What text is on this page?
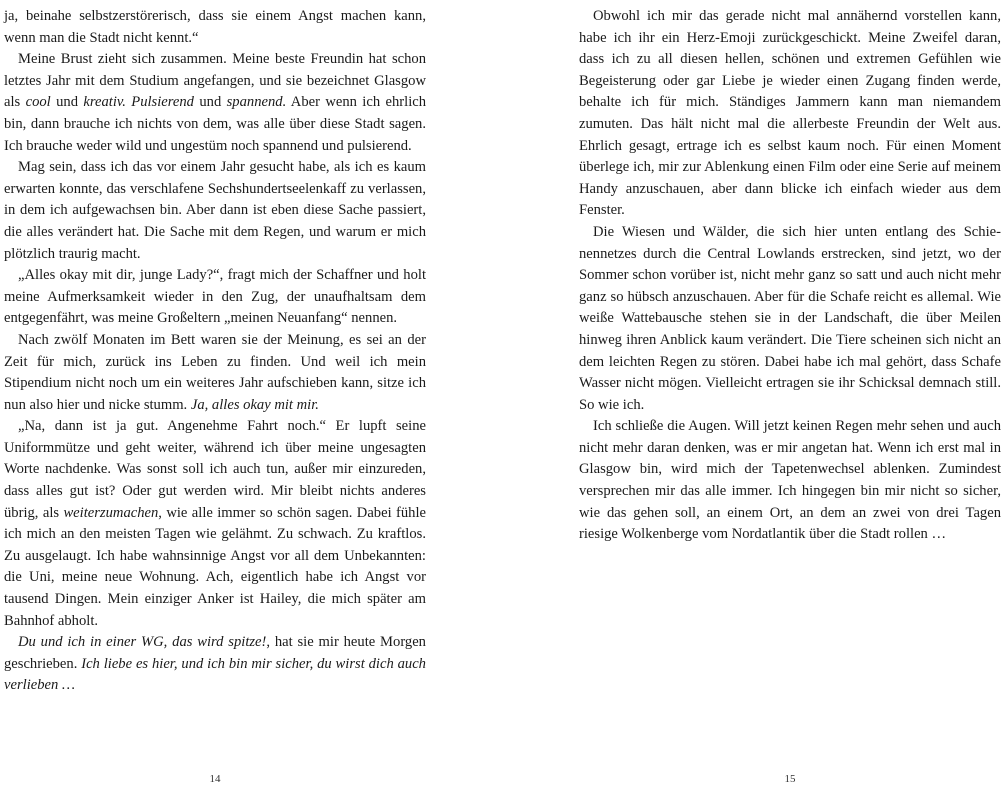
ja, beinahe selbstzerstörerisch, dass sie einem Angst machen kann, wenn man die Stadt nicht kennt.“

Meine Brust zieht sich zusammen. Meine beste Freundin hat schon letztes Jahr mit dem Studium angefangen, und sie bezeichnet Glasgow als cool und kreativ. Pulsierend und spannend. Aber wenn ich ehrlich bin, dann brauche ich nichts von dem, was alle über diese Stadt sagen. Ich brauche weder wild und ungestüm noch spannend und pulsierend.

Mag sein, dass ich das vor einem Jahr gesucht habe, als ich es kaum erwarten konnte, das verschlafene Sechshundertseelenkaff zu verlassen, in dem ich aufgewachsen bin. Aber dann ist eben diese Sache passiert, die alles verändert hat. Die Sache mit dem Regen, und warum er mich plötzlich traurig macht.

„Alles okay mit dir, junge Lady?“, fragt mich der Schaffner und holt meine Aufmerksamkeit wieder in den Zug, der unaufhaltsam dem entgegenfährt, was meine Großeltern „meinen Neuanfang“ nennen.

Nach zwölf Monaten im Bett waren sie der Meinung, es sei an der Zeit für mich, zurück ins Leben zu finden. Und weil ich mein Stipendium nicht noch um ein weiteres Jahr aufschieben kann, sitze ich nun also hier und nicke stumm. Ja, alles okay mit mir.

„Na, dann ist ja gut. Angenehme Fahrt noch.“ Er lupft seine Uniformmütze und geht weiter, während ich über meine ungesagten Worte nachdenke. Was sonst soll ich auch tun, außer mir einzureden, dass alles gut ist? Oder gut werden wird. Mir bleibt nichts anderes übrig, als weiterzumachen, wie alle immer so schön sagen. Dabei fühle ich mich an den meisten Tagen wie gelähmt. Zu schwach. Zu kraftlos. Zu ausgelaugt. Ich habe wahnsinnige Angst vor all dem Unbekannten: die Uni, meine neue Wohnung. Ach, eigentlich habe ich Angst vor tausend Dingen. Mein einziger Anker ist Hailey, die mich später am Bahnhof abholt.

Du und ich in einer WG, das wird spitze!, hat sie mir heute Morgen geschrieben. Ich liebe es hier, und ich bin mir sicher, du wirst dich auch verlieben …

14

Obwohl ich mir das gerade nicht mal annähernd vorstellen kann, habe ich ihr ein Herz-Emoji zurückgeschickt. Meine Zweifel daran, dass ich zu all diesen hellen, schönen und extremen Gefühlen wie Begeisterung oder gar Liebe je wieder einen Zugang finden werde, behalte ich für mich. Ständiges Jammern kann man niemandem zumuten. Das hält nicht mal die allerbeste Freundin der Welt aus. Ehrlich gesagt, ertrage ich es selbst kaum noch. Für einen Moment überlege ich, mir zur Ablenkung einen Film oder eine Serie auf meinem Handy anzuschauen, aber dann blicke ich einfach wieder aus dem Fenster.

Die Wiesen und Wälder, die sich hier unten entlang des Schienennetzes durch die Central Lowlands erstrecken, sind jetzt, wo der Sommer schon vorüber ist, nicht mehr ganz so satt und auch nicht mehr ganz so hübsch anzuschauen. Aber für die Schafe reicht es allemal. Wie weiße Wattebausche stehen sie in der Landschaft, die über Meilen hinweg ihren Anblick kaum verändert. Die Tiere scheinen sich nicht an dem leichten Regen zu stören. Dabei habe ich mal gehört, dass Schafe Wasser nicht mögen. Vielleicht ertragen sie ihr Schicksal demnach still. So wie ich.

Ich schließe die Augen. Will jetzt keinen Regen mehr sehen und auch nicht mehr daran denken, was er mir angetan hat. Wenn ich erst mal in Glasgow bin, wird mich der Tapetenwechsel ablenken. Zumindest versprechen mir das alle immer. Ich hingegen bin mir nicht so sicher, wie das gehen soll, an einem Ort, an dem an zwei von drei Tagen riesige Wolkenberge vom Nordatlantik über die Stadt rollen …

15
